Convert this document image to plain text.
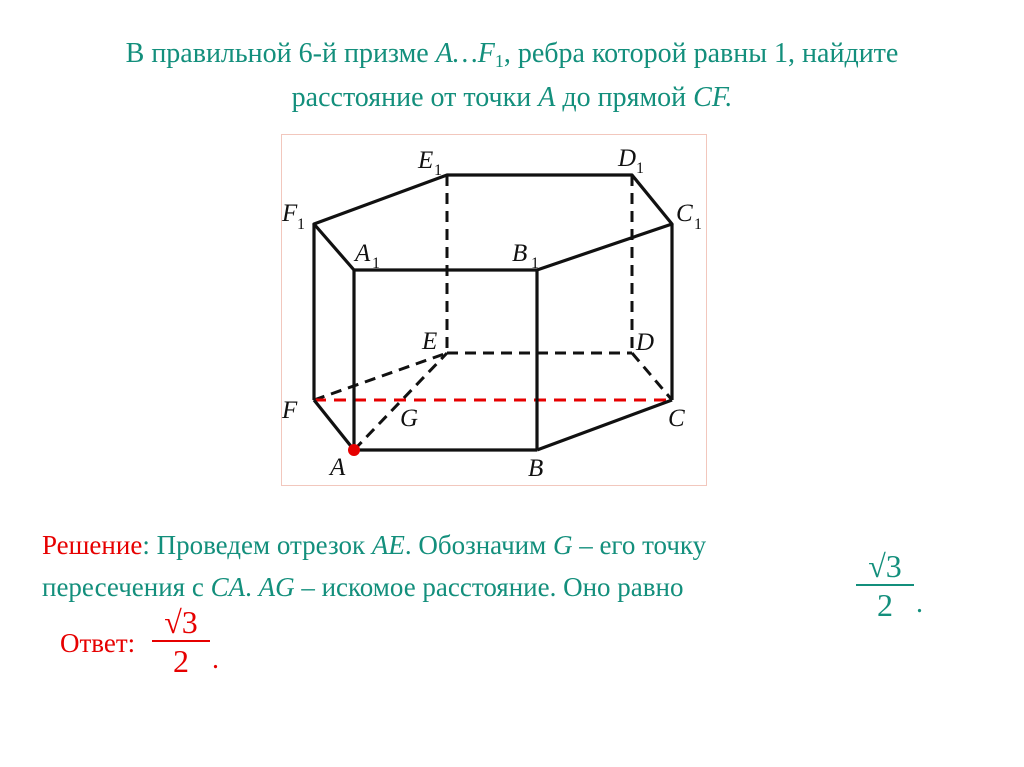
В правильной 6-й призме $A\dots F_1$, ребра которой равны 1, найдите
расстояние от точки A до прямой CF.
E 1	D 1
F 1	C 1
A 1	B 1
E	D
F	G	C
A	B
Решение: Проведем отрезок AE. Обозначим G – его точку
пересечения с CA. AG – искомое расстояние. Оно равно
√3
2 .
Ответ:
√3
2 .
